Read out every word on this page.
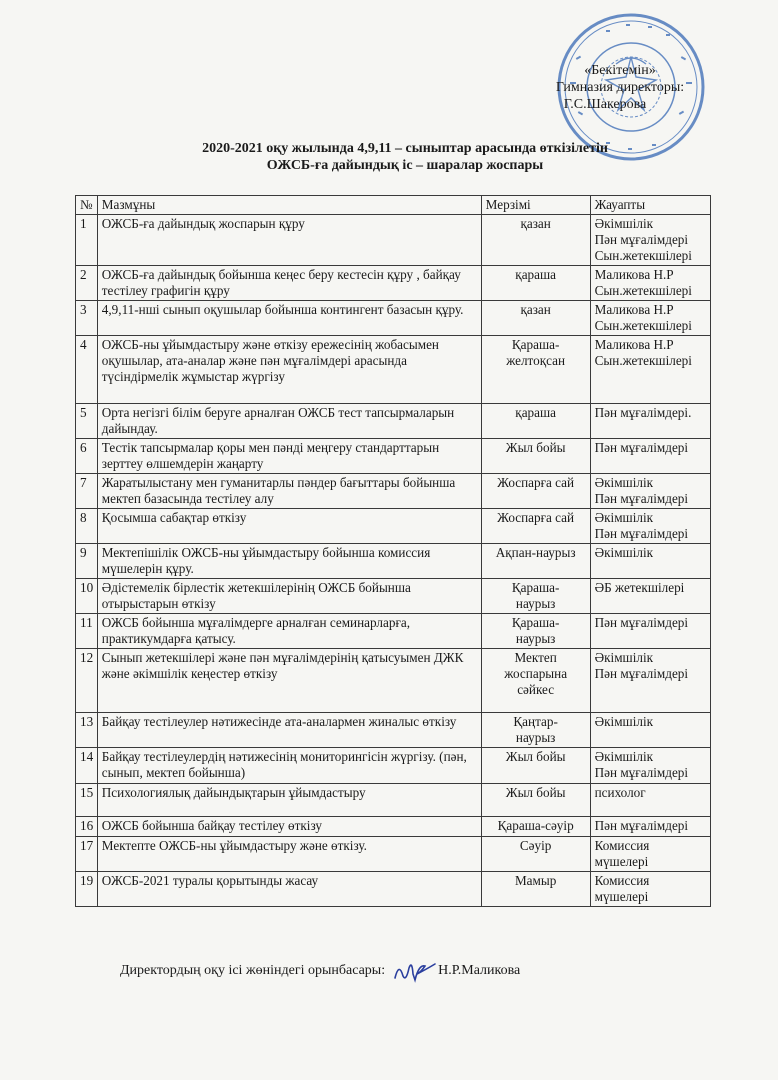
«Бекітемін»
Гимназия директоры:
Г.С.Шакерова
2020-2021 оқу жылында 4,9,11 – сыныптар арасында өткізілетін
ОЖСБ-ға дайындық іс – шаралар жоспары
№	Мазмұны	Мерзімі	Жауапты
1	ОЖСБ-ға дайындық жоспарын құру	қазан	Әкімшілік
Пән мұғалімдері
Сын.жетекшілері
2	ОЖСБ-ға дайындық бойынша кеңес беру кестесін құру , байқау тестілеу графигін құру	қараша	Маликова Н.Р
Сын.жетекшілері
3	4,9,11-нші сынып оқушылар бойынша контингент базасын құру.	қазан	Маликова Н.Р
Сын.жетекшілері
4	ОЖСБ-ны ұйымдастыру және өткізу ережесінің жобасымен оқушылар, ата-аналар және пән мұғалімдері арасында түсіндірмелік жұмыстар жүргізу	Қараша-
желтоқсан	Маликова Н.Р
Сын.жетекшілері
5	Орта негізгі білім беруге арналған ОЖСБ тест тапсырмаларын дайындау.	қараша	Пән мұғалімдері.
6	Тестік тапсырмалар қоры мен пәнді меңгеру стандарттарын зерттеу өлшемдерін жаңарту	Жыл бойы	Пән мұғалімдері
7	Жаратылыстану мен гуманитарлы пәндер бағыттары бойынша мектеп базасында тестілеу алу	Жоспарға сай	Әкімшілік
Пән мұғалімдері
8	Қосымша сабақтар өткізу	Жоспарға сай	Әкімшілік
Пән мұғалімдері
9	Мектепішілік ОЖСБ-ны ұйымдастыру бойынша комиссия мүшелерін құру.	Ақпан-наурыз	Әкімшілік
10	Әдістемелік бірлестік жетекшілерінің ОЖСБ бойынша отырыстарын өткізу	Қараша-
наурыз	ӘБ жетекшілері
11	ОЖСБ бойынша мұғалімдерге арналған семинарларға, практикумдарға қатысу.	Қараша-
наурыз	Пән мұғалімдері
12	Сынып жетекшілері және пән мұғалімдерінің қатысуымен ДЖК және әкімшілік кеңестер өткізу	Мектеп
жоспарына
сәйкес	Әкімшілік
Пән мұғалімдері
13	Байқау тестілеулер нәтижесінде ата-аналармен жиналыс өткізу	Қаңтар-
наурыз	Әкімшілік
14	Байқау тестілеулердің нәтижесінің мониторингісін жүргізу. (пән, сынып, мектеп бойынша)	Жыл бойы	Әкімшілік
Пән мұғалімдері
15	Психологиялық дайындықтарын ұйымдастыру	Жыл бойы	психолог
16	ОЖСБ бойынша байқау тестілеу өткізу	Қараша-сәуір	Пән мұғалімдері
17	Мектепте ОЖСБ-ны ұйымдастыру және өткізу.	Сәуір	Комиссия
мүшелері
19	ОЖСБ-2021 туралы қорытынды жасау	Мамыр	Комиссия
мүшелері
Директордың оқу ісі жөніндегі орынбасары:	Н.Р.Маликова
